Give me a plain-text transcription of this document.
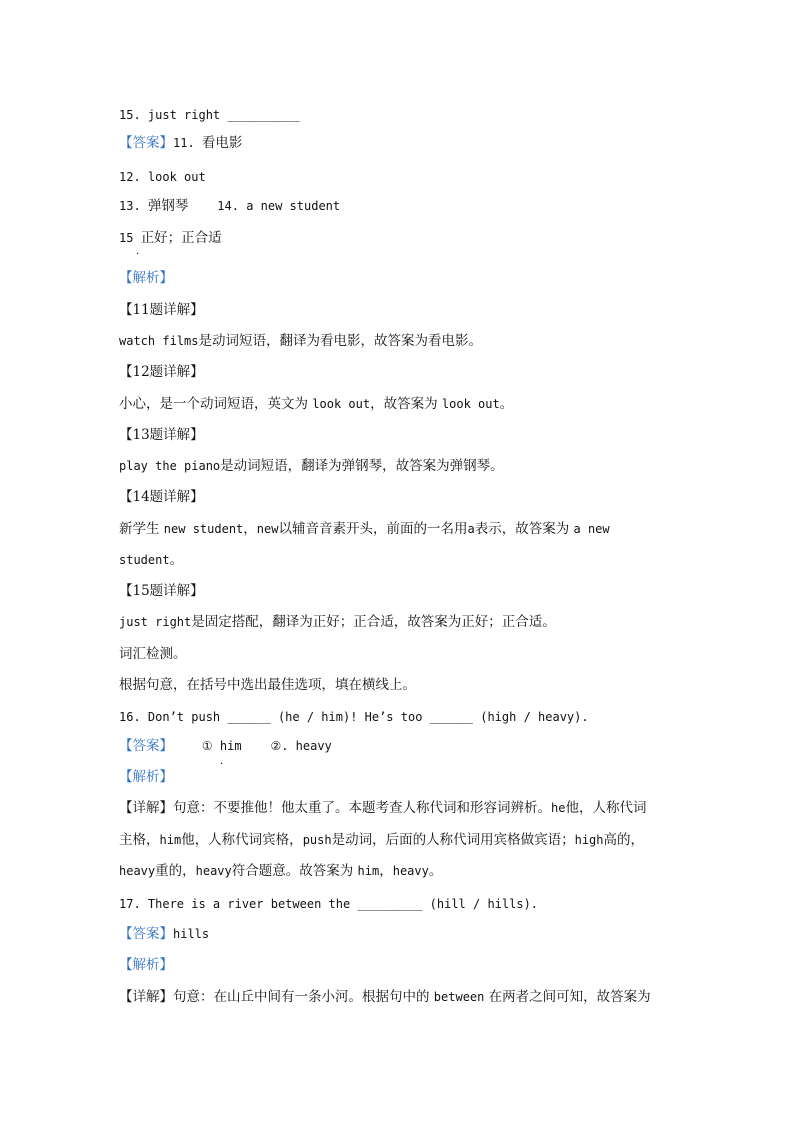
15. just right __________
【答案】11. 看电影
12. look out
13. 弹钢琴    14. a new student
15 正好；正合适
【解析】
【11题详解】
watch films是动词短语，翻译为看电影，故答案为看电影。
【12题详解】
小心，是一个动词短语，英文为 look out，故答案为 look out。
【13题详解】
play the piano是动词短语，翻译为弹钢琴，故答案为弹钢琴。
【14题详解】
新学生 new student，new以辅音音素开头，前面的一名用a表示，故答案为 a new
student。
【15题详解】
just right是固定搭配，翻译为正好；正合适，故答案为正好；正合适。
词汇检测。
根据句意，在括号中选出最佳选项，填在横线上。
16. Don’t push ______ (he / him)! He’s too ______ (high / heavy).
【答案】    ① him    ②. heavy
【解析】
【详解】句意：不要推他！他太重了。本题考查人称代词和形容词辨析。he他，人称代词
主格，him他，人称代词宾格，push是动词，后面的人称代词用宾格做宾语；high高的，
heavy重的，heavy符合题意。故答案为 him，heavy。
17. There is a river between the _________ (hill / hills).
【答案】hills
【解析】
【详解】句意：在山丘中间有一条小河。根据句中的 between 在两者之间可知，故答案为
·
·
